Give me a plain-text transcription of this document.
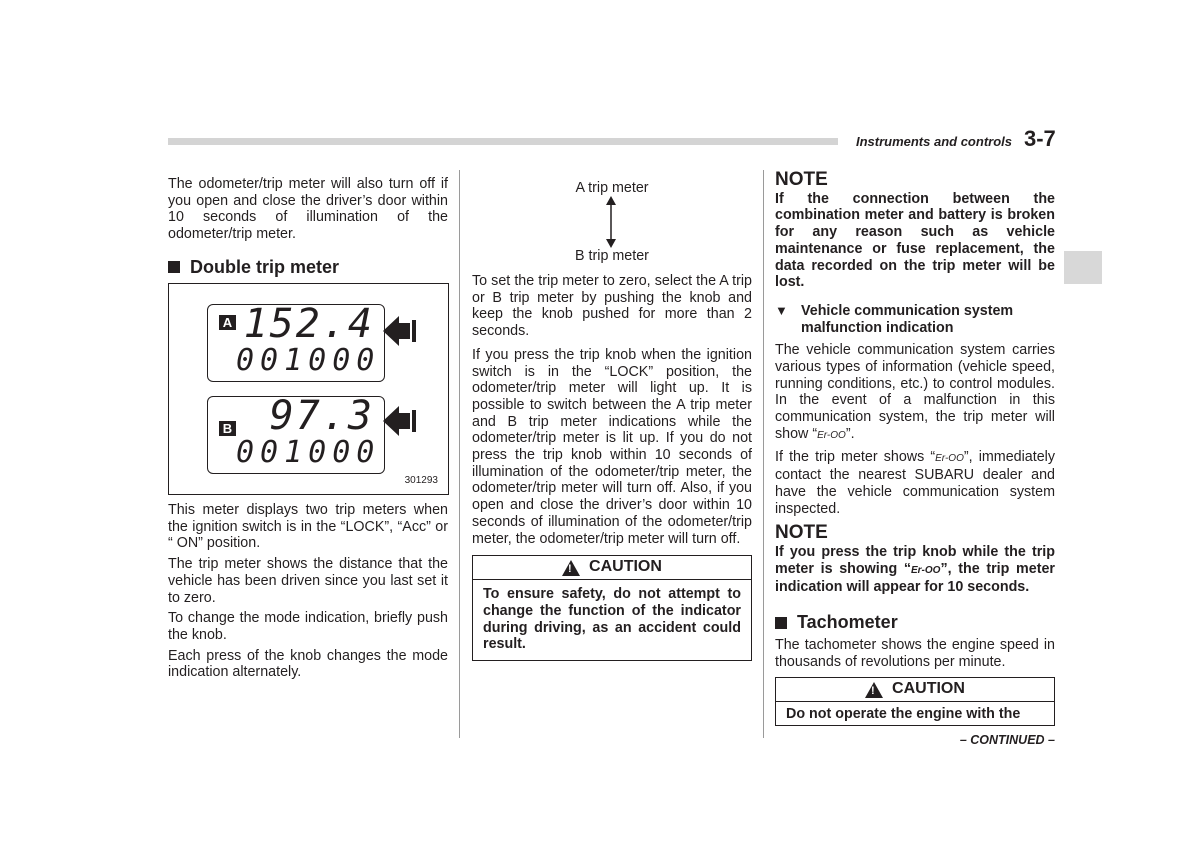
Instruments and controls 3-7

The odometer/trip meter will also turn off if you open and close the driver’s door within 10 seconds of illumination of the odometer/trip meter.

Double trip meter
152.4
001000
A
97.3
001000
B
301293

This meter displays two trip meters when the ignition switch is in the “LOCK”, “Acc” or “ ON” position.

The trip meter shows the distance that the vehicle has been driven since you last set it to zero.

To change the mode indication, briefly push the knob.

Each press of the knob changes the mode indication alternately.

A trip meter
B trip meter

To set the trip meter to zero, select the A trip or B trip meter by pushing the knob and keep the knob pushed for more than 2 seconds.

If you press the trip knob when the ignition switch is in the “LOCK” position, the odometer/trip meter will light up. It is possible to switch between the A trip meter and B trip meter indications while the odometer/trip meter is lit up. If you do not press the trip knob within 10 seconds of illumination of the odometer/trip meter, the odometer/trip meter will turn off. Also, if you open and close the driver’s door within 10 seconds of illumination of the odometer/trip meter, the odometer/trip meter will turn off.

! CAUTION
To ensure safety, do not attempt to change the function of the indicator during driving, as an accident could result.
NOTE

If the connection between the combination meter and battery is broken for any reason such as vehicle maintenance or fuse replacement, the data recorded on the trip meter will be lost.

▼ Vehicle communication system malfunction indication

The vehicle communication system carries various types of information (vehicle speed, running conditions, etc.) to control modules. In the event of a malfunction in this communication system, the trip meter will show “Er-OO”.

If the trip meter shows “Er-OO”, immediately contact the nearest SUBARU dealer and have the vehicle communication system inspected.

NOTE

If you press the trip knob while the trip meter is showing “Er-OO”, the trip meter indication will appear for 10 seconds.

Tachometer

The tachometer shows the engine speed in thousands of revolutions per minute.

! CAUTION
Do not operate the engine with the
– CONTINUED –
